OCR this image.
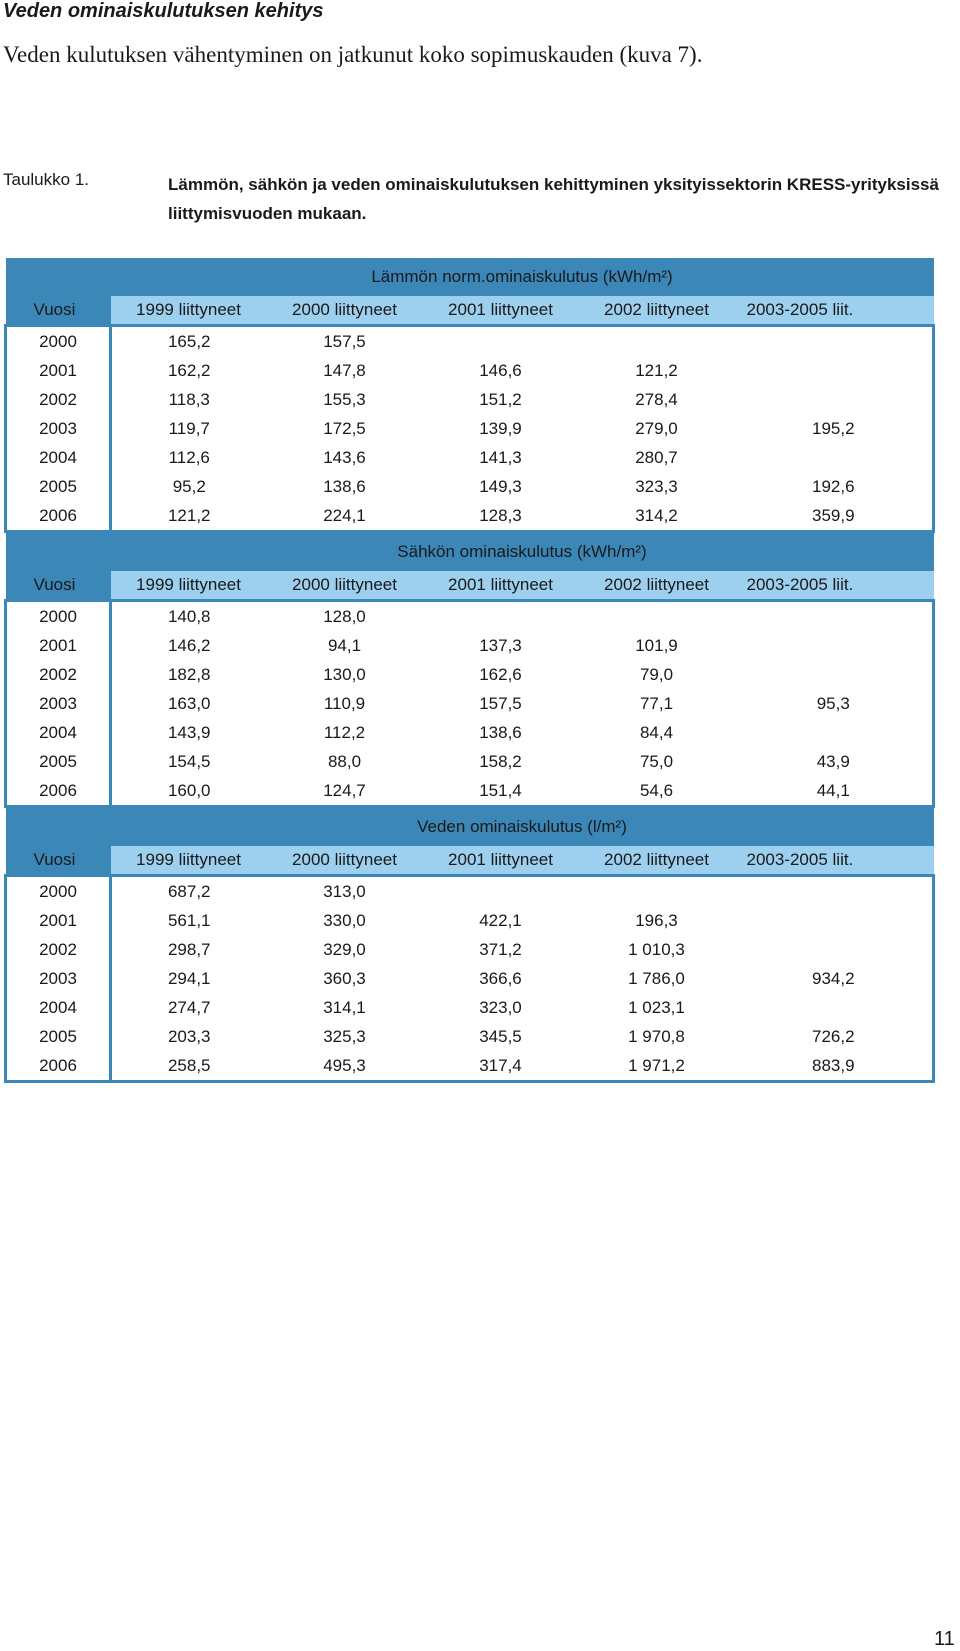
Veden ominaiskulutuksen kehitys

Veden kulutuksen vähentyminen on jatkunut koko sopimuskauden (kuva 7).

Taulukko 1.	Lämmön, sähkön ja veden ominaiskulutuksen kehittyminen yksityissektorin KRESS-yrityksissä liittymisvuoden mukaan.

	Lämmön norm.ominaiskulutus (kWh/m²)				
Vuosi	1999 liittyneet	2000 liittyneet	2001 liittyneet	2002 liittyneet	2003-2005 liit.
2000	165,2	157,5			
2001	162,2	147,8	146,6	121,2	
2002	118,3	155,3	151,2	278,4	
2003	119,7	172,5	139,9	279,0	195,2
2004	112,6	143,6	141,3	280,7	
2005	95,2	138,6	149,3	323,3	192,6
2006	121,2	224,1	128,3	314,2	359,9
	Sähkön ominaiskulutus (kWh/m²)				
Vuosi	1999 liittyneet	2000 liittyneet	2001 liittyneet	2002 liittyneet	2003-2005 liit.
2000	140,8	128,0			
2001	146,2	94,1	137,3	101,9	
2002	182,8	130,0	162,6	79,0	
2003	163,0	110,9	157,5	77,1	95,3
2004	143,9	112,2	138,6	84,4	
2005	154,5	88,0	158,2	75,0	43,9
2006	160,0	124,7	151,4	54,6	44,1
	Veden ominaiskulutus (l/m²)				
Vuosi	1999 liittyneet	2000 liittyneet	2001 liittyneet	2002 liittyneet	2003-2005 liit.
2000	687,2	313,0			
2001	561,1	330,0	422,1	196,3	
2002	298,7	329,0	371,2	1 010,3	
2003	294,1	360,3	366,6	1 786,0	934,2
2004	274,7	314,1	323,0	1 023,1	
2005	203,3	325,3	345,5	1 970,8	726,2
2006	258,5	495,3	317,4	1 971,2	883,9

11
